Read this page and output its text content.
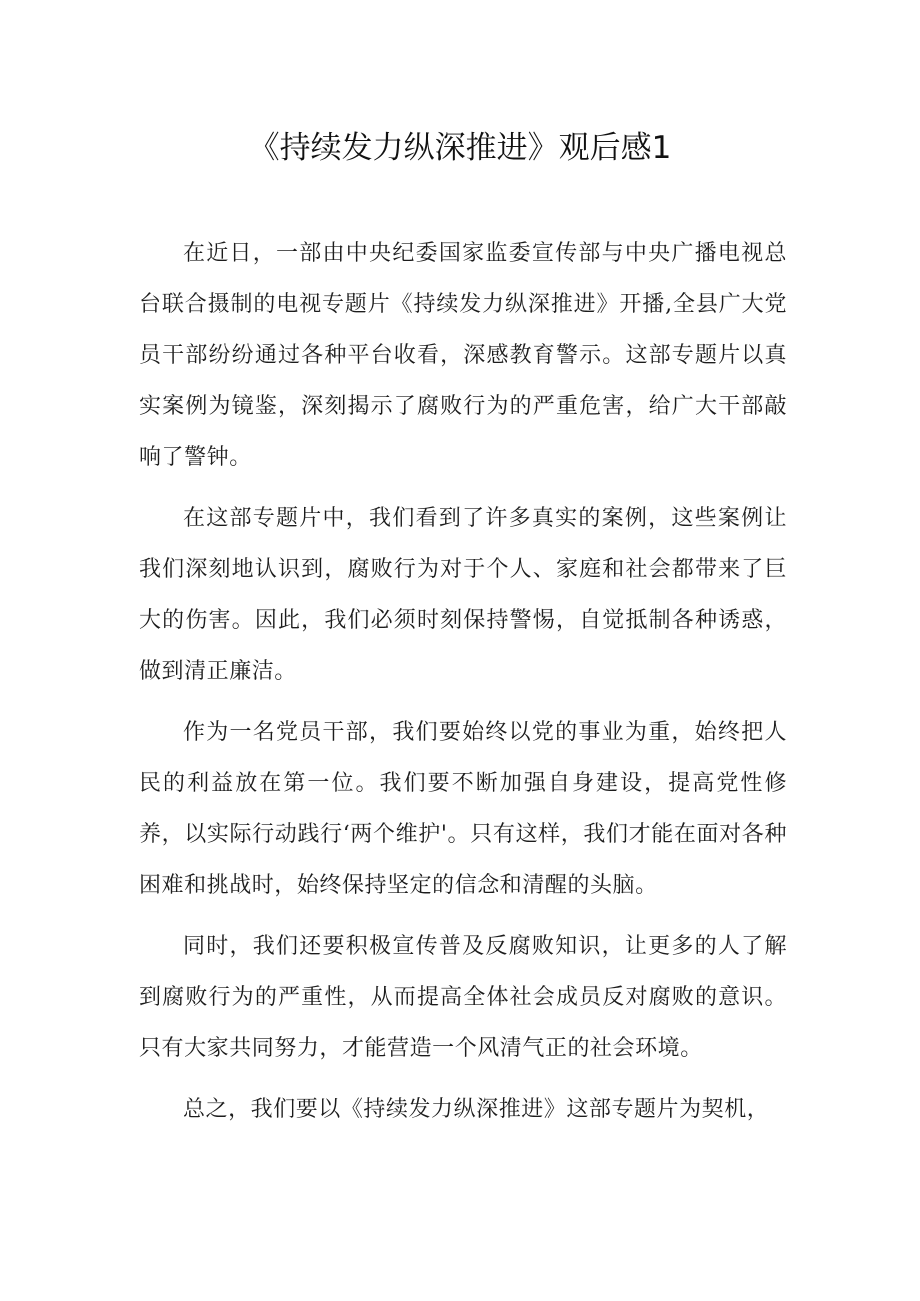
《持续发力纵深推进》观后感1

在近日，一部由中央纪委国家监委宣传部与中央广播电视总台联合摄制的电视专题片《持续发力纵深推进》开播,全县广大党员干部纷纷通过各种平台收看，深感教育警示。这部专题片以真实案例为镜鉴，深刻揭示了腐败行为的严重危害，给广大干部敲响了警钟。

在这部专题片中，我们看到了许多真实的案例，这些案例让我们深刻地认识到，腐败行为对于个人、家庭和社会都带来了巨大的伤害。因此，我们必须时刻保持警惕，自觉抵制各种诱惑，做到清正廉洁。

作为一名党员干部，我们要始终以党的事业为重，始终把人民的利益放在第一位。我们要不断加强自身建设，提高党性修养，以实际行动践行‘两个维护'。只有这样，我们才能在面对各种困难和挑战时，始终保持坚定的信念和清醒的头脑。

同时，我们还要积极宣传普及反腐败知识，让更多的人了解到腐败行为的严重性，从而提高全体社会成员反对腐败的意识。只有大家共同努力，才能营造一个风清气正的社会环境。

总之，我们要以《持续发力纵深推进》这部专题片为契机，
